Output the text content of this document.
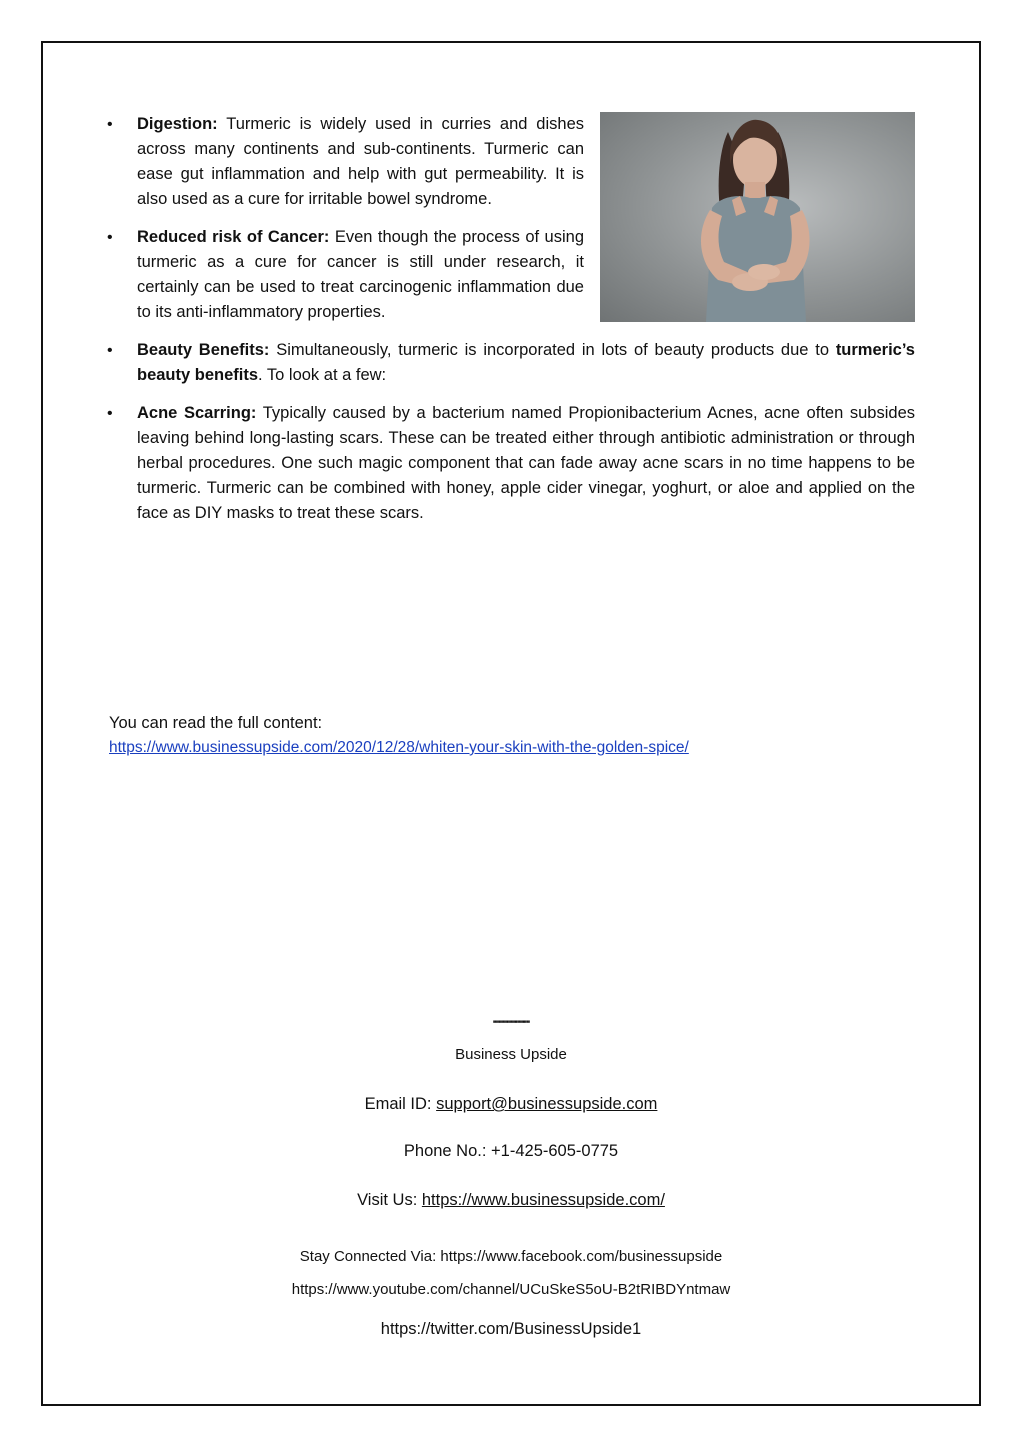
• Digestion: Turmeric is widely used in curries and dishes across many continents and sub-continents. Turmeric can ease gut inflammation and help with gut permeability. It is also used as a cure for irritable bowel syndrome.
• Reduced risk of Cancer: Even though the process of using turmeric as a cure for cancer is still under research, it certainly can be used to treat carcinogenic inflammation due to its anti-inflammatory properties.
• Beauty Benefits: Simultaneously, turmeric is incorporated in lots of beauty products due to turmeric’s beauty benefits. To look at a few:
• Acne Scarring: Typically caused by a bacterium named Propionibacterium Acnes, acne often subsides leaving behind long-lasting scars. These can be treated either through antibiotic administration or through herbal procedures. One such magic component that can fade away acne scars in no time happens to be turmeric. Turmeric can be combined with honey, apple cider vinegar, yoghurt, or aloe and applied on the face as DIY masks to treat these scars.
You can read the full content:
https://www.businessupside.com/2020/12/28/whiten-your-skin-with-the-golden-spice/
''''''''''''''''''''''''''''''''
Business Upside
Email ID: support@businessupside.com
Phone No.: +1-425-605-0775
Visit Us: https://www.businessupside.com/
Stay Connected Via: https://www.facebook.com/businessupside
https://www.youtube.com/channel/UCuSkeS5oU-B2tRIBDYntmaw
https://twitter.com/BusinessUpside1
